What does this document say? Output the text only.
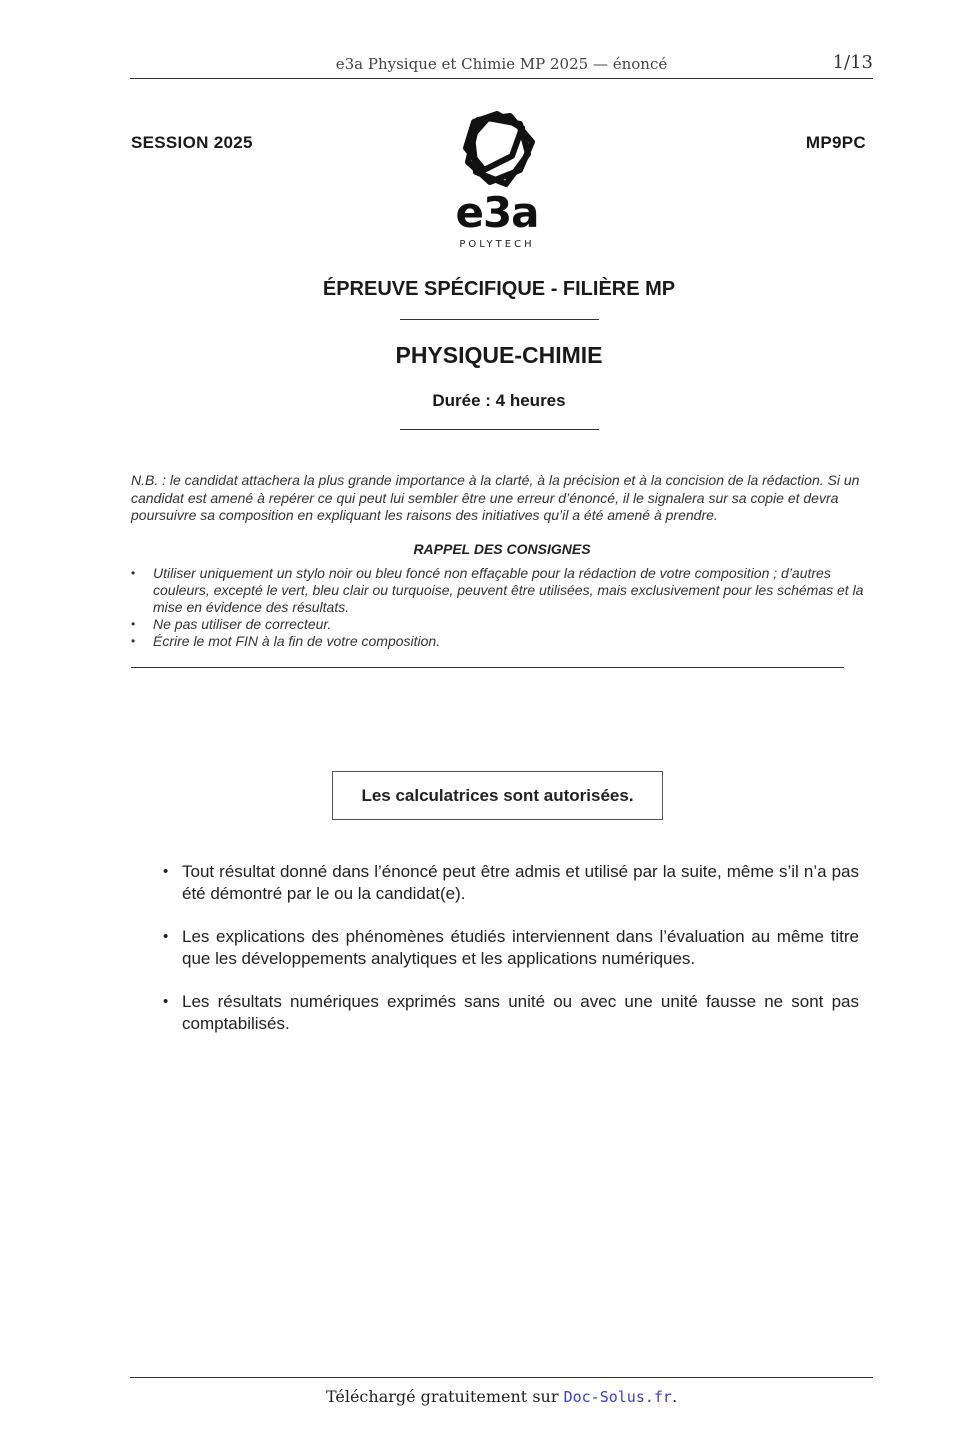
e3a Physique et Chimie MP 2025 — énoncé	1/13
SESSION 2025	MP9PC
e3a
POLYTECH
ÉPREUVE SPÉCIFIQUE - FILIÈRE MP
PHYSIQUE-CHIMIE
Durée : 4 heures
N.B. : le candidat attachera la plus grande importance à la clarté, à la précision et à la concision de la rédaction. Si un candidat est amené à repérer ce qui peut lui sembler être une erreur d’énoncé, il le signalera sur sa copie et devra poursuivre sa composition en expliquant les raisons des initiatives qu’il a été amené à prendre.
RAPPEL DES CONSIGNES
• Utiliser uniquement un stylo noir ou bleu foncé non effaçable pour la rédaction de votre composition ; d’autres couleurs, excepté le vert, bleu clair ou turquoise, peuvent être utilisées, mais exclusivement pour les schémas et la mise en évidence des résultats.
• Ne pas utiliser de correcteur.
• Écrire le mot FIN à la fin de votre composition.
Les calculatrices sont autorisées.
• Tout résultat donné dans l’énoncé peut être admis et utilisé par la suite, même s’il n’a pas été démontré par le ou la candidat(e).
• Les explications des phénomènes étudiés interviennent dans l’évaluation au même titre que les développements analytiques et les applications numériques.
• Les résultats numériques exprimés sans unité ou avec une unité fausse ne sont pas comptabilisés.
Téléchargé gratuitement sur Doc-Solus.fr.
